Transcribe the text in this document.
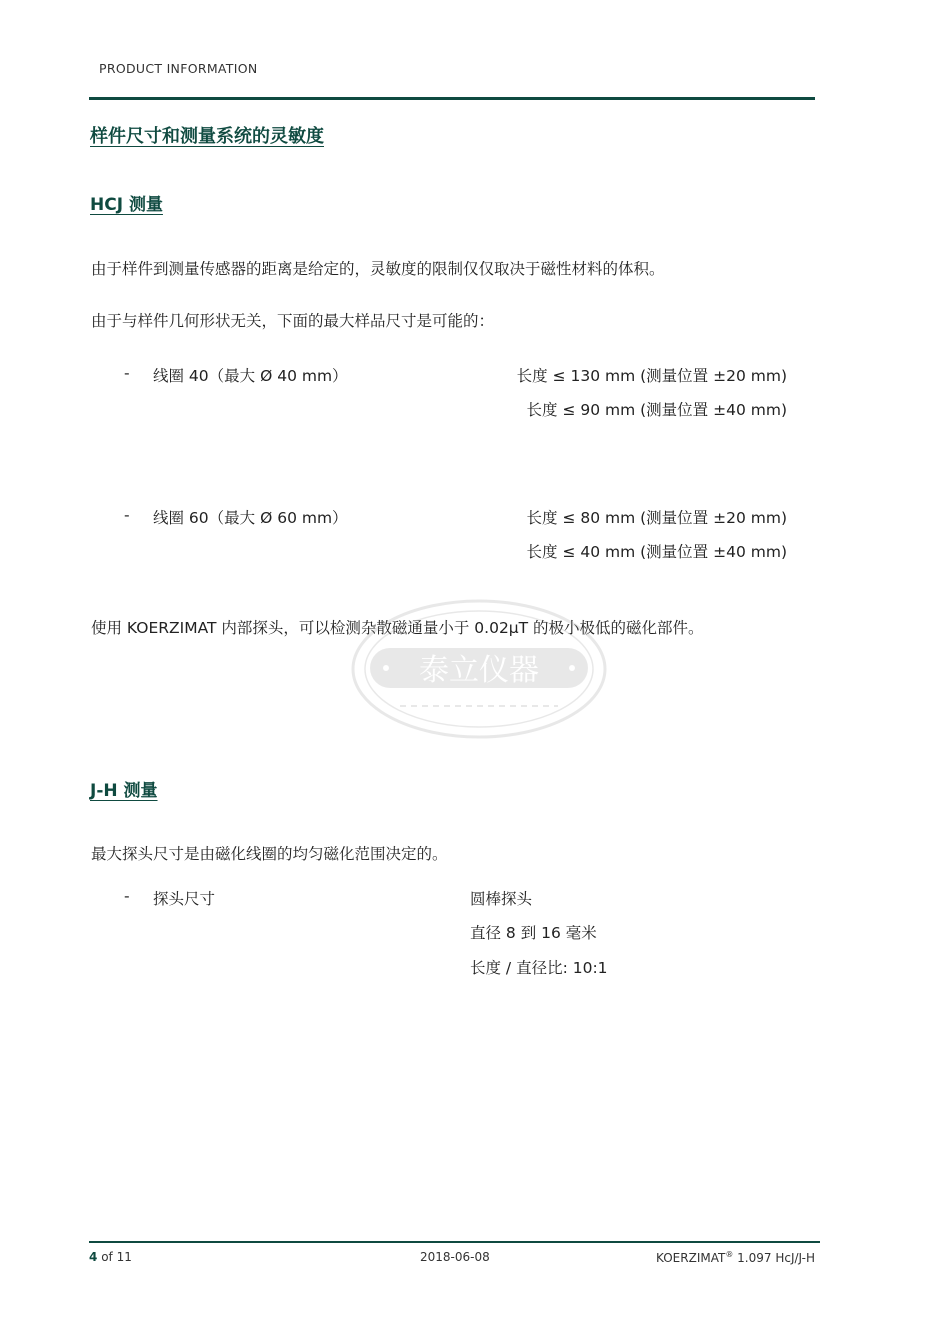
PRODUCT INFORMATION
样件尺寸和测量系统的灵敏度
HCJ 测量
由于样件到测量传感器的距离是给定的，灵敏度的限制仅仅取决于磁性材料的体积。
由于与样件几何形状无关，下面的最大样品尺寸是可能的：
- 线圈 40（最大 Ø 40 mm）	长度 ≤ 130 mm (测量位置 ±20 mm)
长度 ≤ 90 mm (测量位置 ±40 mm)
- 线圈 60（最大 Ø 60 mm）	长度 ≤ 80 mm (测量位置 ±20 mm)
长度 ≤ 40 mm (测量位置 ±40 mm)
使用 KOERZIMAT 内部探头，可以检测杂散磁通量小于 0.02μT 的极小极低的磁化部件。
泰立仪器
J-H 测量
最大探头尺寸是由磁化线圈的均匀磁化范围决定的。
- 探头尺寸	圆棒探头
直径 8 到 16 毫米
长度 / 直径比: 10:1
4 of 11	2018-06-08	KOERZIMAT® 1.097 HcJ/J-H
